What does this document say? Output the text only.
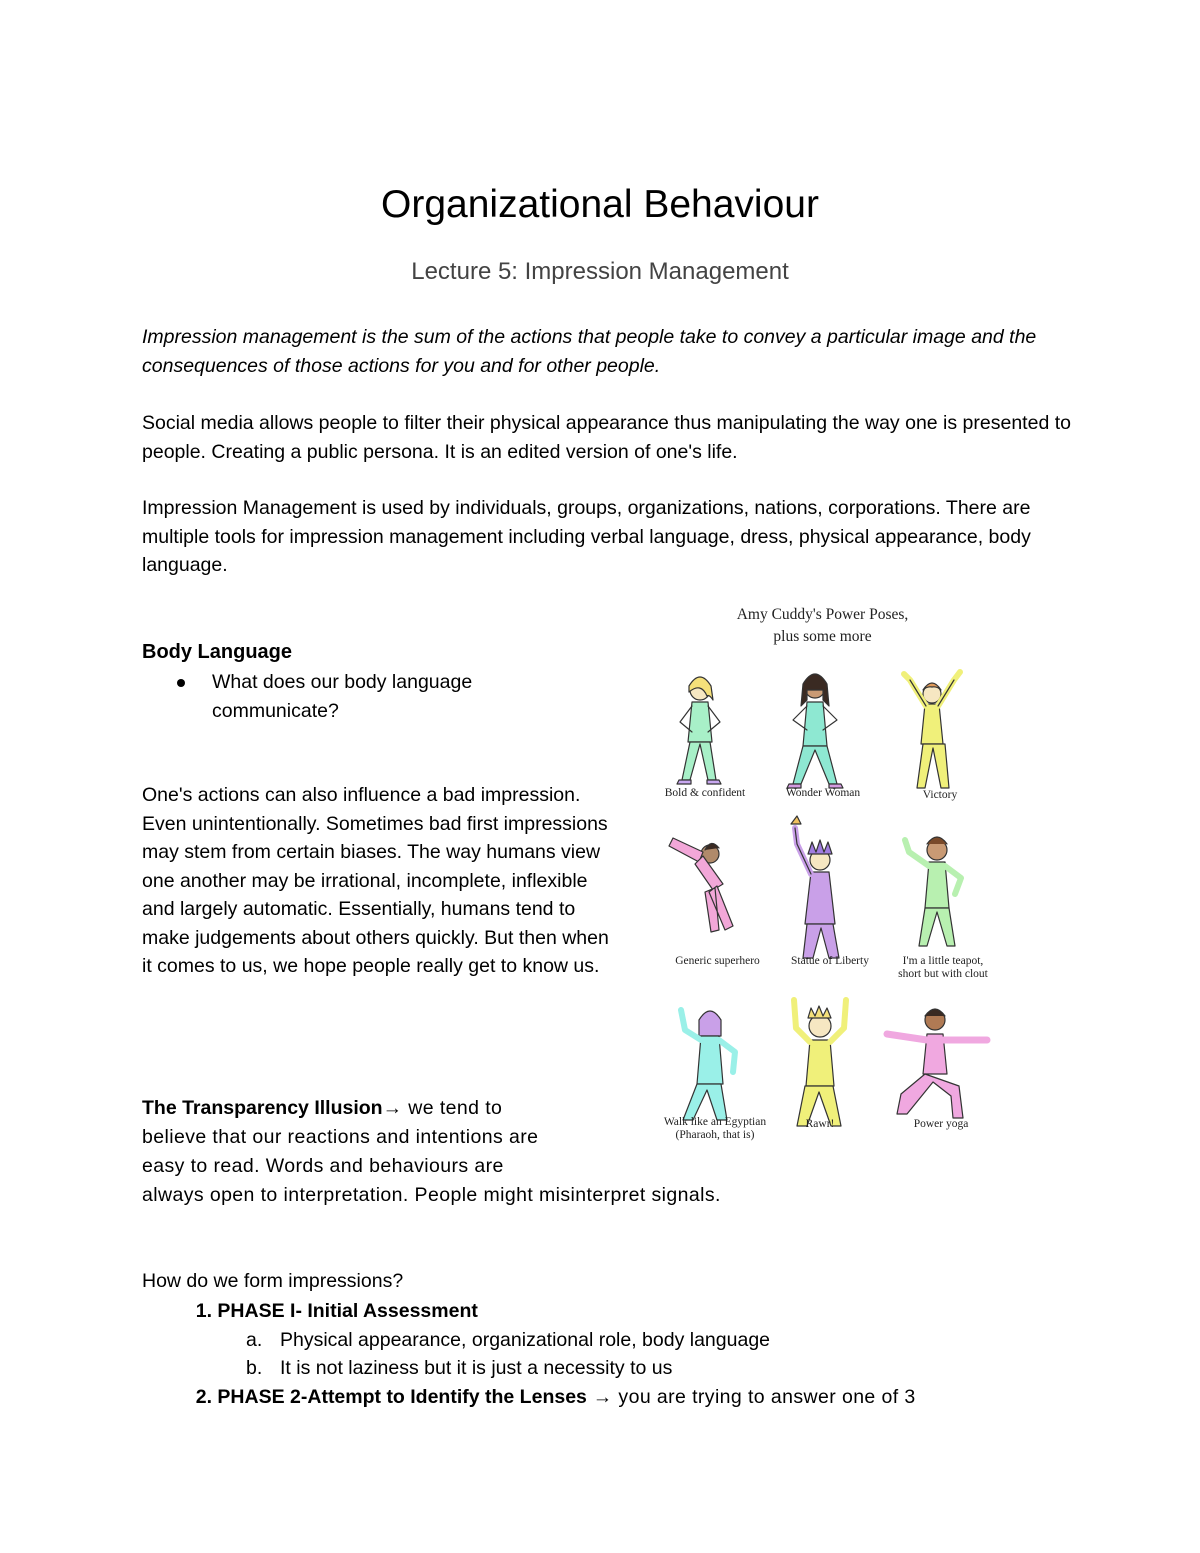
Organizational Behaviour
Lecture 5: Impression Management

Impression management is the sum of the actions that people take to convey a particular image and the consequences of those actions for you and for other people.

Social media allows people to filter their physical appearance thus manipulating the way one is presented to people. Creating a public persona. It is an edited version of one's life.

Impression Management is used by individuals, groups, organizations, nations, corporations. There are multiple tools for impression management including verbal language, dress, physical appearance, body language.

Body Language
What does our body language communicate?

One's actions can also influence a bad impression. Even unintentionally. Sometimes bad first impressions may stem from certain biases. The way humans view one another may be irrational, incomplete, inflexible and largely automatic. Essentially, humans tend to make judgements about others quickly. But then when it comes to us, we hope people really get to know us.

The Transparency Illusion→ we tend to
believe that our reactions and intentions are
easy to read. Words and behaviours are
always open to interpretation. People might misinterpret signals.

How do we form impressions?

1. PHASE I- Initial Assessment
a. Physical appearance, organizational role, body language
b. It is not laziness but it is just a necessity to us
2. PHASE 2-Attempt to Identify the Lenses → you are trying to answer one of 3

Amy Cuddy's Power Poses,
plus some more

Bold & confident	Wonder Woman	Victory
Generic superhero	Statue of Liberty	I'm a little teapot,
short but with clout
Walk like an Egyptian
(Pharaoh, that is)
Rawr!	Power yoga
